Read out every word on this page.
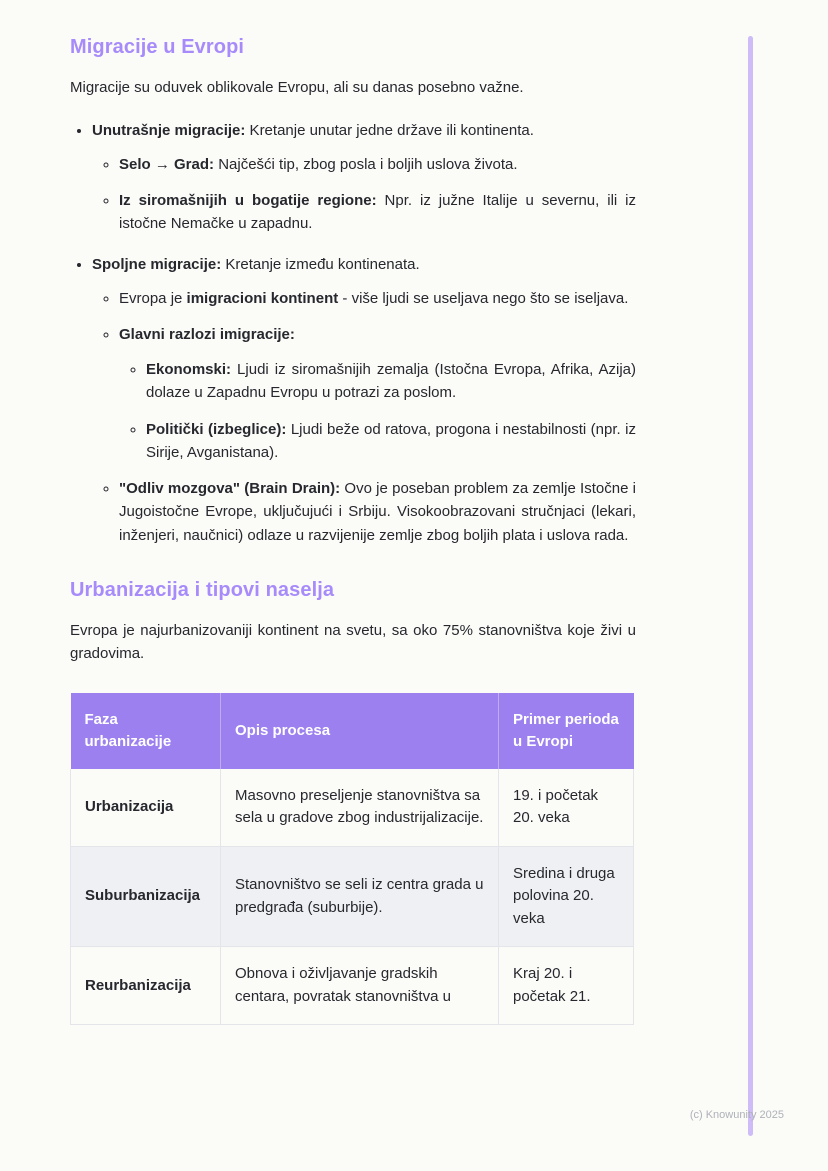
(c) Knowunity 2025
Migracije u Evropi

Migracije su oduvek oblikovale Evropu, ali su danas posebno važne.

• Unutrašnje migracije: Kretanje unutar jedne države ili kontinenta.
◦ Selo → Grad: Najčešći tip, zbog posla i boljih uslova života.
◦ Iz siromašnijih u bogatije regione: Npr. iz južne Italije u severnu, ili iz istočne Nemačke u zapadnu.
• Spoljne migracije: Kretanje između kontinenata.
◦ Evropa je imigracioni kontinent - više ljudi se useljava nego što se iseljava.
◦ Glavni razlozi imigracije:
◦ Ekonomski: Ljudi iz siromašnijih zemalja (Istočna Evropa, Afrika, Azija) dolaze u Zapadnu Evropu u potrazi za poslom.
◦ Politički (izbeglice): Ljudi beže od ratova, progona i nestabilnosti (npr. iz Sirije, Avganistana).
◦ "Odliv mozgova" (Brain Drain): Ovo je poseban problem za zemlje Istočne i Jugoistočne Evrope, uključujući i Srbiju. Visokoobrazovani stručnjaci (lekari, inženjeri, naučnici) odlaze u razvijenije zemlje zbog boljih plata i uslova rada.
Urbanizacija i tipovi naselja

Evropa je najurbanizovaniji kontinent na svetu, sa oko 75% stanovništva koje živi u gradovima.

Faza urbanizacije	Opis procesa	Primer perioda u Evropi
Urbanizacija	Masovno preseljenje stanovništva sa sela u gradove zbog industrijalizacije.	19. i početak 20. veka
Suburbanizacija	Stanovništvo se seli iz centra grada u predgrađa (suburbije).	Sredina i druga polovina 20. veka
Reurbanizacija	Obnova i oživljavanje gradskih centara, povratak stanovništva u	Kraj 20. i početak 21.
